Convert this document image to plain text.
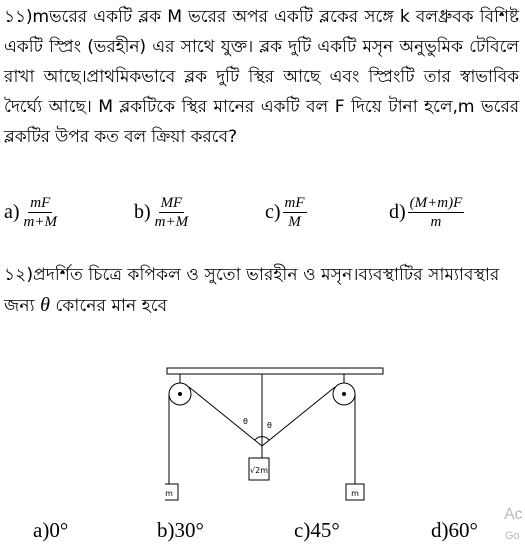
১১)mভরের একটি ব্লক M ভরের অপর একটি ব্লকের সঙ্গে k বলধ্রুবক বিশিষ্ট একটি স্প্রিং (ভরহীন) এর সাথে যুক্ত। ব্লক দুটি একটি মসৃন অনুভুমিক টেবিলে রাখা আছে।প্রাথমিকভাবে ব্লক দুটি স্থির আছে এবং স্প্রিংটি তার স্বাভাবিক দৈর্ঘ্যে আছে। M ব্লকটিকে স্থির মানের একটি বল F দিয়ে টানা হলে,m ভরের ব্লকটির উপর কত বল ক্রিয়া করবে?
$a) \frac{mF}{m+M}$	$b) \frac{MF}{m+M}$	$c) \frac{mF}{M}$	$d) \frac{(M+m)F}{m}$
১২)প্রদর্শিত চিত্রে কপিকল ও সুতো ভারহীন ও মসৃন।ব্যবস্থাটির সাম্যাবস্থার জন্য θ কোনের মান হবে
θ θ
√2m
m	m
a)0°	b)30°	c)45°	d)60°
Ac
Go
